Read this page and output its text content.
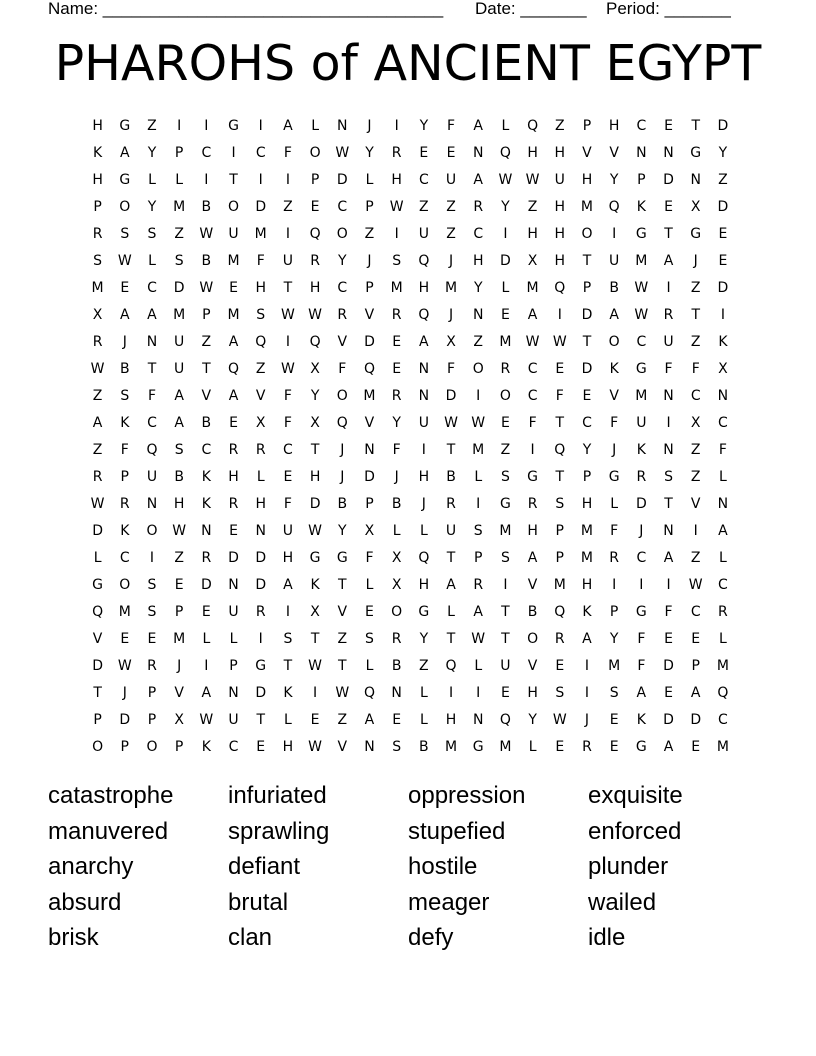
Name: ____________________________________ Date: _______ Period: _______
PHAROHS of ANCIENT EGYPT
H	G	Z	I	I	G	I	A	L	N	J	I	Y	F	A	L	Q	Z	P	H	C	E	T	D
K	A	Y	P	C	I	C	F	O	W	Y	R	E	E	N	Q	H	H	V	V	N	N	G	Y
H	G	L	L	I	T	I	I	P	D	L	H	C	U	A	W W	U	H	Y	P	D	N	Z
P	O	Y	M	B	O	D	Z	E	C	P	W	Z	Z	R	Y	Z	H	M	Q	K	E	X	D
R	S	S	Z	W	U	M	I	Q	O	Z	I	U	Z	C	I	H	H	O	I	G	T	G	E
S	W	L	S	B	M	F	U	R	Y	J	S	Q	J	H	D	X	H	T	U	M	A	J	E
M	E	C	D	W	E	H	T	H	C	P	M	H	M	Y	L	M	Q	P	B	W	I	Z	D
X	A	A	M	P	M	S	W W	R	V	R	Q	J	N	E	A	I	D	A	W	R	T	I
R	J	N	U	Z	A	Q	I	Q	V	D	E	A	X	Z	M	W W	T	O	C	U	Z	K
W	B	T	U	T	Q	Z	W	X	F	Q	E	N	F	O	R	C	E	D	K	G	F	F	X
Z	S	F	A	V	A	V	F	Y	O	M	R	N	D	I	O	C	F	E	V	M	N	C	N
A	K	C	A	B	E	X	F	X	Q	V	Y	U	W W	E	F	T	C	F	U	I	X	C
Z	F	Q	S	C	R	R	C	T	J	N	F	I	T	M	Z	I	Q	Y	J	K	N	Z	F
R	P	U	B	K	H	L	E	H	J	D	J	H	B	L	S	G	T	P	G	R	S	Z	L
W	R	N	H	K	R	H	F	D	B	P	B	J	R	I	G	R	S	H	L	D	T	V	N
D	K	O	W	N	E	N	U	W	Y	X	L	L	U	S	M	H	P	M	F	J	N	I	A
L	C	I	Z	R	D	D	H	G	G	F	X	Q	T	P	S	A	P	M	R	C	A	Z	L
G	O	S	E	D	N	D	A	K	T	L	X	H	A	R	I	V	M	H	I	I	I	W	C
Q	M	S	P	E	U	R	I	X	V	E	O	G	L	A	T	B	Q	K	P	G	F	C	R
V	E	E	M	L	L	I	S	T	Z	S	R	Y	T	W	T	O	R	A	Y	F	E	E	L
D	W	R	J	I	P	G	T	W	T	L	B	Z	Q	L	U	V	E	I	M	F	D	P	M
T	J	P	V	A	N	D	K	I	W	Q	N	L	I	I	E	H	S	I	S	A	E	A	Q
P	D	P	X	W	U	T	L	E	Z	A	E	L	H	N	Q	Y	W	J	E	K	D	D	C
O	P	O	P	K	C	E	H	W	V	N	S	B	M	G	M	L	E	R	E	G	A	E	M
catastrophe	infuriated	oppression	exquisite
manuvered	sprawling	stupefied	enforced
anarchy	defiant	hostile	plunder
absurd	brutal	meager	wailed
brisk	clan	defy	idle
